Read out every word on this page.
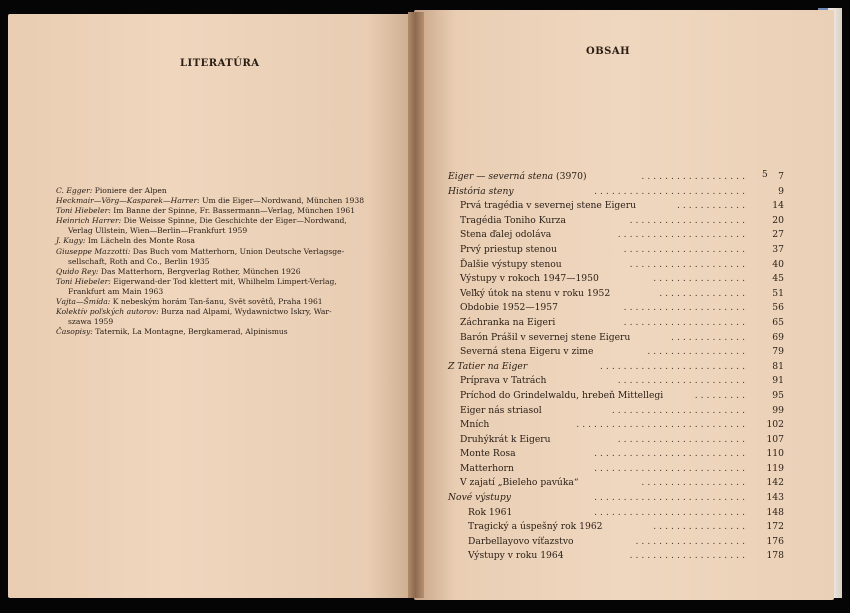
LITERATÚRA
C. Egger: Pioniere der Alpen
Heckmair—Vörg—Kasparek—Harrer: Um die Eiger—Nordwand, München 1938
Toni Hiebeler: Im Banne der Spinne, Fr. Bassermann—Verlag, München 1961
Heinrich Harrer: Die Weisse Spinne, Die Geschichte der Eiger—Nordwand,
Verlag Ullstein, Wien—Berlin—Frankfurt 1959
J. Kugy: Im Lächeln des Monte Rosa
Giuseppe Mazzotti: Das Buch vom Matterhorn, Union Deutsche Verlagsge-
sellschaft, Roth and Co., Berlin 1935
Quido Rey: Das Matterhorn, Bergverlag Rother, München 1926
Toni Hiebeler: Eigerwand-der Tod klettert mit, Whilhelm Limpert-Verlag,
Frankfurt am Main 1963
Vајta—Šmída: K nebeským horám Tan-šanu, Svět sovětů, Praha 1961
Kolektív poľských autorov: Burza nad Alpami, Wydawnictwo Iskry, War-
szawa 1959
Časopisy: Taternik, La Montagne, Bergkamerad, Alpinismus
OBSAH
5
Eiger — severná stena (3970)	..................	7
História steny	..........................	9
Prvá tragédia v severnej stene Eigeru	............	14
Tragédia Toniho Kurza	....................	20
Stena ďalej odoláva	......................	27
Prvý priestup stenou	.....................	37
Ďalšie výstupy stenou	....................	40
Výstupy v rokoch 1947—1950	................	45
Veľký útok na stenu v roku 1952	...............	51
Obdobie 1952—1957	.....................	56
Záchranka na Eigeri	.....................	65
Barón Prášil v severnej stene Eigeru	.............	69
Severná stena Eigeru v zime	.................	79
Z Tatier na Eiger	.........................	81
Príprava v Tatrách	......................	91
Príchod do Grindelwaldu, hrebeň Mittellegi	.........	95
Eiger nás striasol	.......................	99
Mních	.............................	102
Druhýkrát k Eigeru	......................	107
Monte Rosa	..........................	110
Matterhorn	..........................	119
V zajatí „Bieleho pavúka“	..................	142
Nové výstupy	..........................	143
Rok 1961	..........................	148
Tragický a úspešný rok 1962	................	172
Darbellayovo víťazstvo	...................	176
Výstupy v roku 1964	....................	178
